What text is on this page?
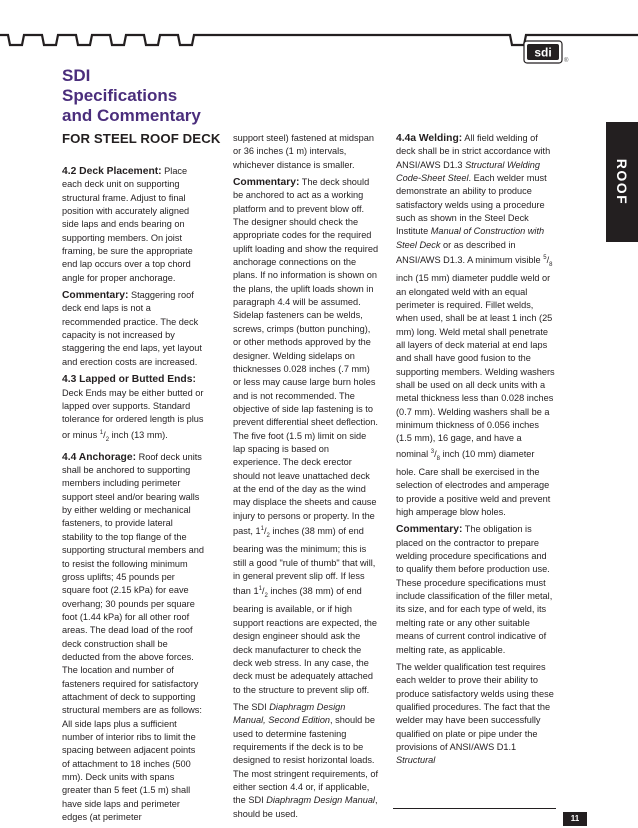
sdi
®
ROOF
SDI
Specifications
and Commentary
FOR STEEL ROOF DECK

4.2 Deck Placement: Place each deck unit on supporting structural frame. Adjust to final position with accurately aligned side laps and ends bearing on supporting members. On joist framing, be sure the appropriate end lap occurs over a top chord angle for proper anchorage.

Commentary: Staggering roof deck end laps is not a recommended practice. The deck capacity is not increased by staggering the end laps, yet layout and erection costs are increased.

4.3 Lapped or Butted Ends: Deck Ends may be either butted or lapped over supports. Standard tolerance for ordered length is plus or minus $^1/_2$ inch (13 mm).

4.4 Anchorage: Roof deck units shall be anchored to supporting members including perimeter support steel and/or bearing walls by either welding or mechanical fasteners, to provide lateral stability to the top flange of the supporting structural members and to resist the following minimum gross uplifts; 45 pounds per square foot (2.15 kPa) for eave overhang; 30 pounds per square foot (1.44 kPa) for all other roof areas. The dead load of the roof deck construction shall be deducted from the above forces. The location and number of fasteners required for satisfactory attachment of deck to supporting structural members are as follows: All side laps plus a sufficient number of interior ribs to limit the spacing between adjacent points of attachment to 18 inches (500 mm). Deck units with spans greater than 5 feet (1.5 m) shall have side laps and perimeter edges (at perimeter

support steel) fastened at midspan or 36 inches (1 m) intervals, whichever distance is smaller.

Commentary: The deck should be anchored to act as a working platform and to prevent blow off. The designer should check the appropriate codes for the required uplift loading and show the required anchorage connections on the plans. If no information is shown on the plans, the uplift loads shown in paragraph 4.4 will be assumed. Sidelap fasteners can be welds, screws, crimps (button punching), or other methods approved by the designer. Welding sidelaps on thicknesses 0.028 inches (.7 mm) or less may cause large burn holes and is not recommended. The objective of side lap fastening is to prevent differential sheet deflection. The five foot (1.5 m) limit on side lap spacing is based on experience. The deck erector should not leave unattached deck at the end of the day as the wind may displace the sheets and cause injury to persons or property. In the past, $1^1/_2$ inches (38 mm) of end bearing was the minimum; this is still a good "rule of thumb" that will, in general prevent slip off. If less than $1^1/_2$ inches (38 mm) of end bearing is available, or if high support reactions are expected, the design engineer should ask the deck manufacturer to check the deck web stress. In any case, the deck must be adequately attached to the structure to prevent slip off.

The SDI Diaphragm Design Manual, Second Edition, should be used to determine fastening requirements if the deck is to be designed to resist horizontal loads. The most stringent requirements, of either section 4.4 or, if applicable, the SDI Diaphragm Design Manual, should be used.

4.4a Welding: All field welding of deck shall be in strict accordance with ANSI/AWS D1.3 Structural Welding Code-Sheet Steel. Each welder must demonstrate an ability to produce satisfactory welds using a procedure such as shown in the Steel Deck Institute Manual of Construction with Steel Deck or as described in ANSI/AWS D1.3. A minimum visible $^5/_8$ inch (15 mm) diameter puddle weld or an elongated weld with an equal perimeter is required. Fillet welds, when used, shall be at least 1 inch (25 mm) long. Weld metal shall penetrate all layers of deck material at end laps and shall have good fusion to the supporting members. Welding washers shall be used on all deck units with a metal thickness less than 0.028 inches (0.7 mm). Welding washers shall be a minimum thickness of 0.056 inches (1.5 mm), 16 gage, and have a nominal $^3/_8$ inch (10 mm) diameter hole. Care shall be exercised in the selection of electrodes and amperage to provide a positive weld and prevent high amperage blow holes.

Commentary: The obligation is placed on the contractor to prepare welding procedure specifications and to qualify them before production use. These procedure specifications must include classification of the filler metal, its size, and for each type of weld, its melting rate or any other suitable means of current control indicative of melting rate, as applicable.

The welder qualification test requires each welder to prove their ability to produce satisfactory welds using these qualified procedures. The fact that the welder may have been successfully qualified on plate or pipe under the provisions of ANSI/AWS D1.1 Structural

11
